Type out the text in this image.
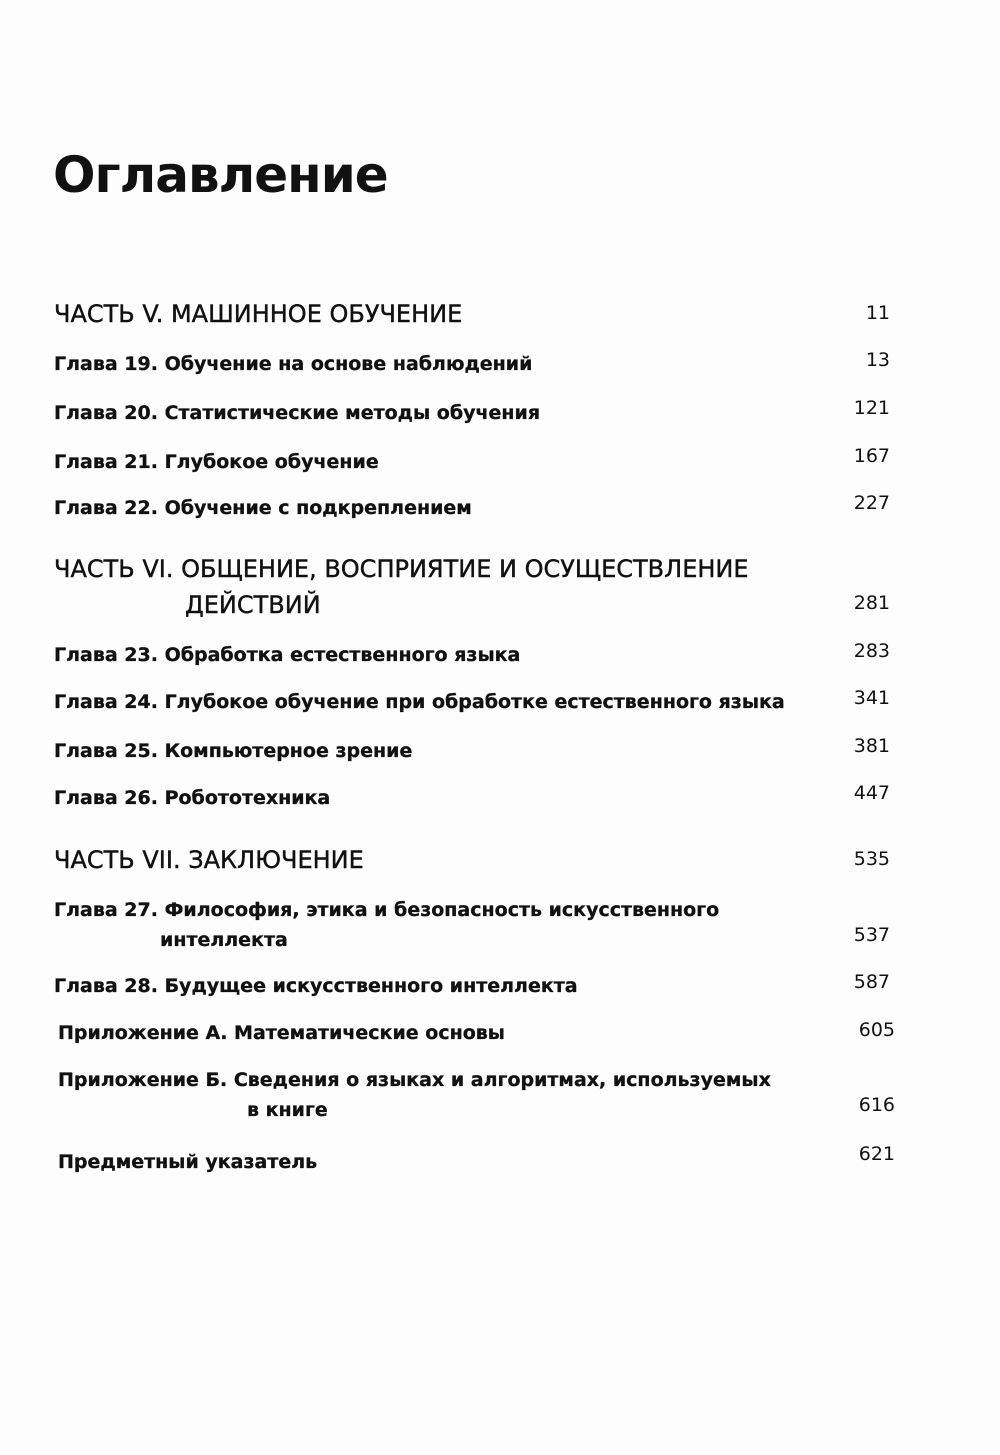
Оглавление
ЧАСТЬ V. МАШИННОЕ ОБУЧЕНИЕ	11
Глава 19. Обучение на основе наблюдений	13
Глава 20. Статистические методы обучения	121
Глава 21. Глубокое обучение	167
Глава 22. Обучение с подкреплением	227
ЧАСТЬ VI. ОБЩЕНИЕ, ВОСПРИЯТИЕ И ОСУЩЕСТВЛЕНИЕ
ДЕЙСТВИЙ	281
Глава 23. Обработка естественного языка	283
Глава 24. Глубокое обучение при обработке естественного языка	341
Глава 25. Компьютерное зрение	381
Глава 26. Робототехника	447
ЧАСТЬ VII. ЗАКЛЮЧЕНИЕ	535
Глава 27. Философия, этика и безопасность искусственного
интеллекта	537
Глава 28. Будущее искусственного интеллекта	587
Приложение А. Математические основы	605
Приложение Б. Сведения о языках и алгоритмах, используемых
в книге	616
Предметный указатель	621
